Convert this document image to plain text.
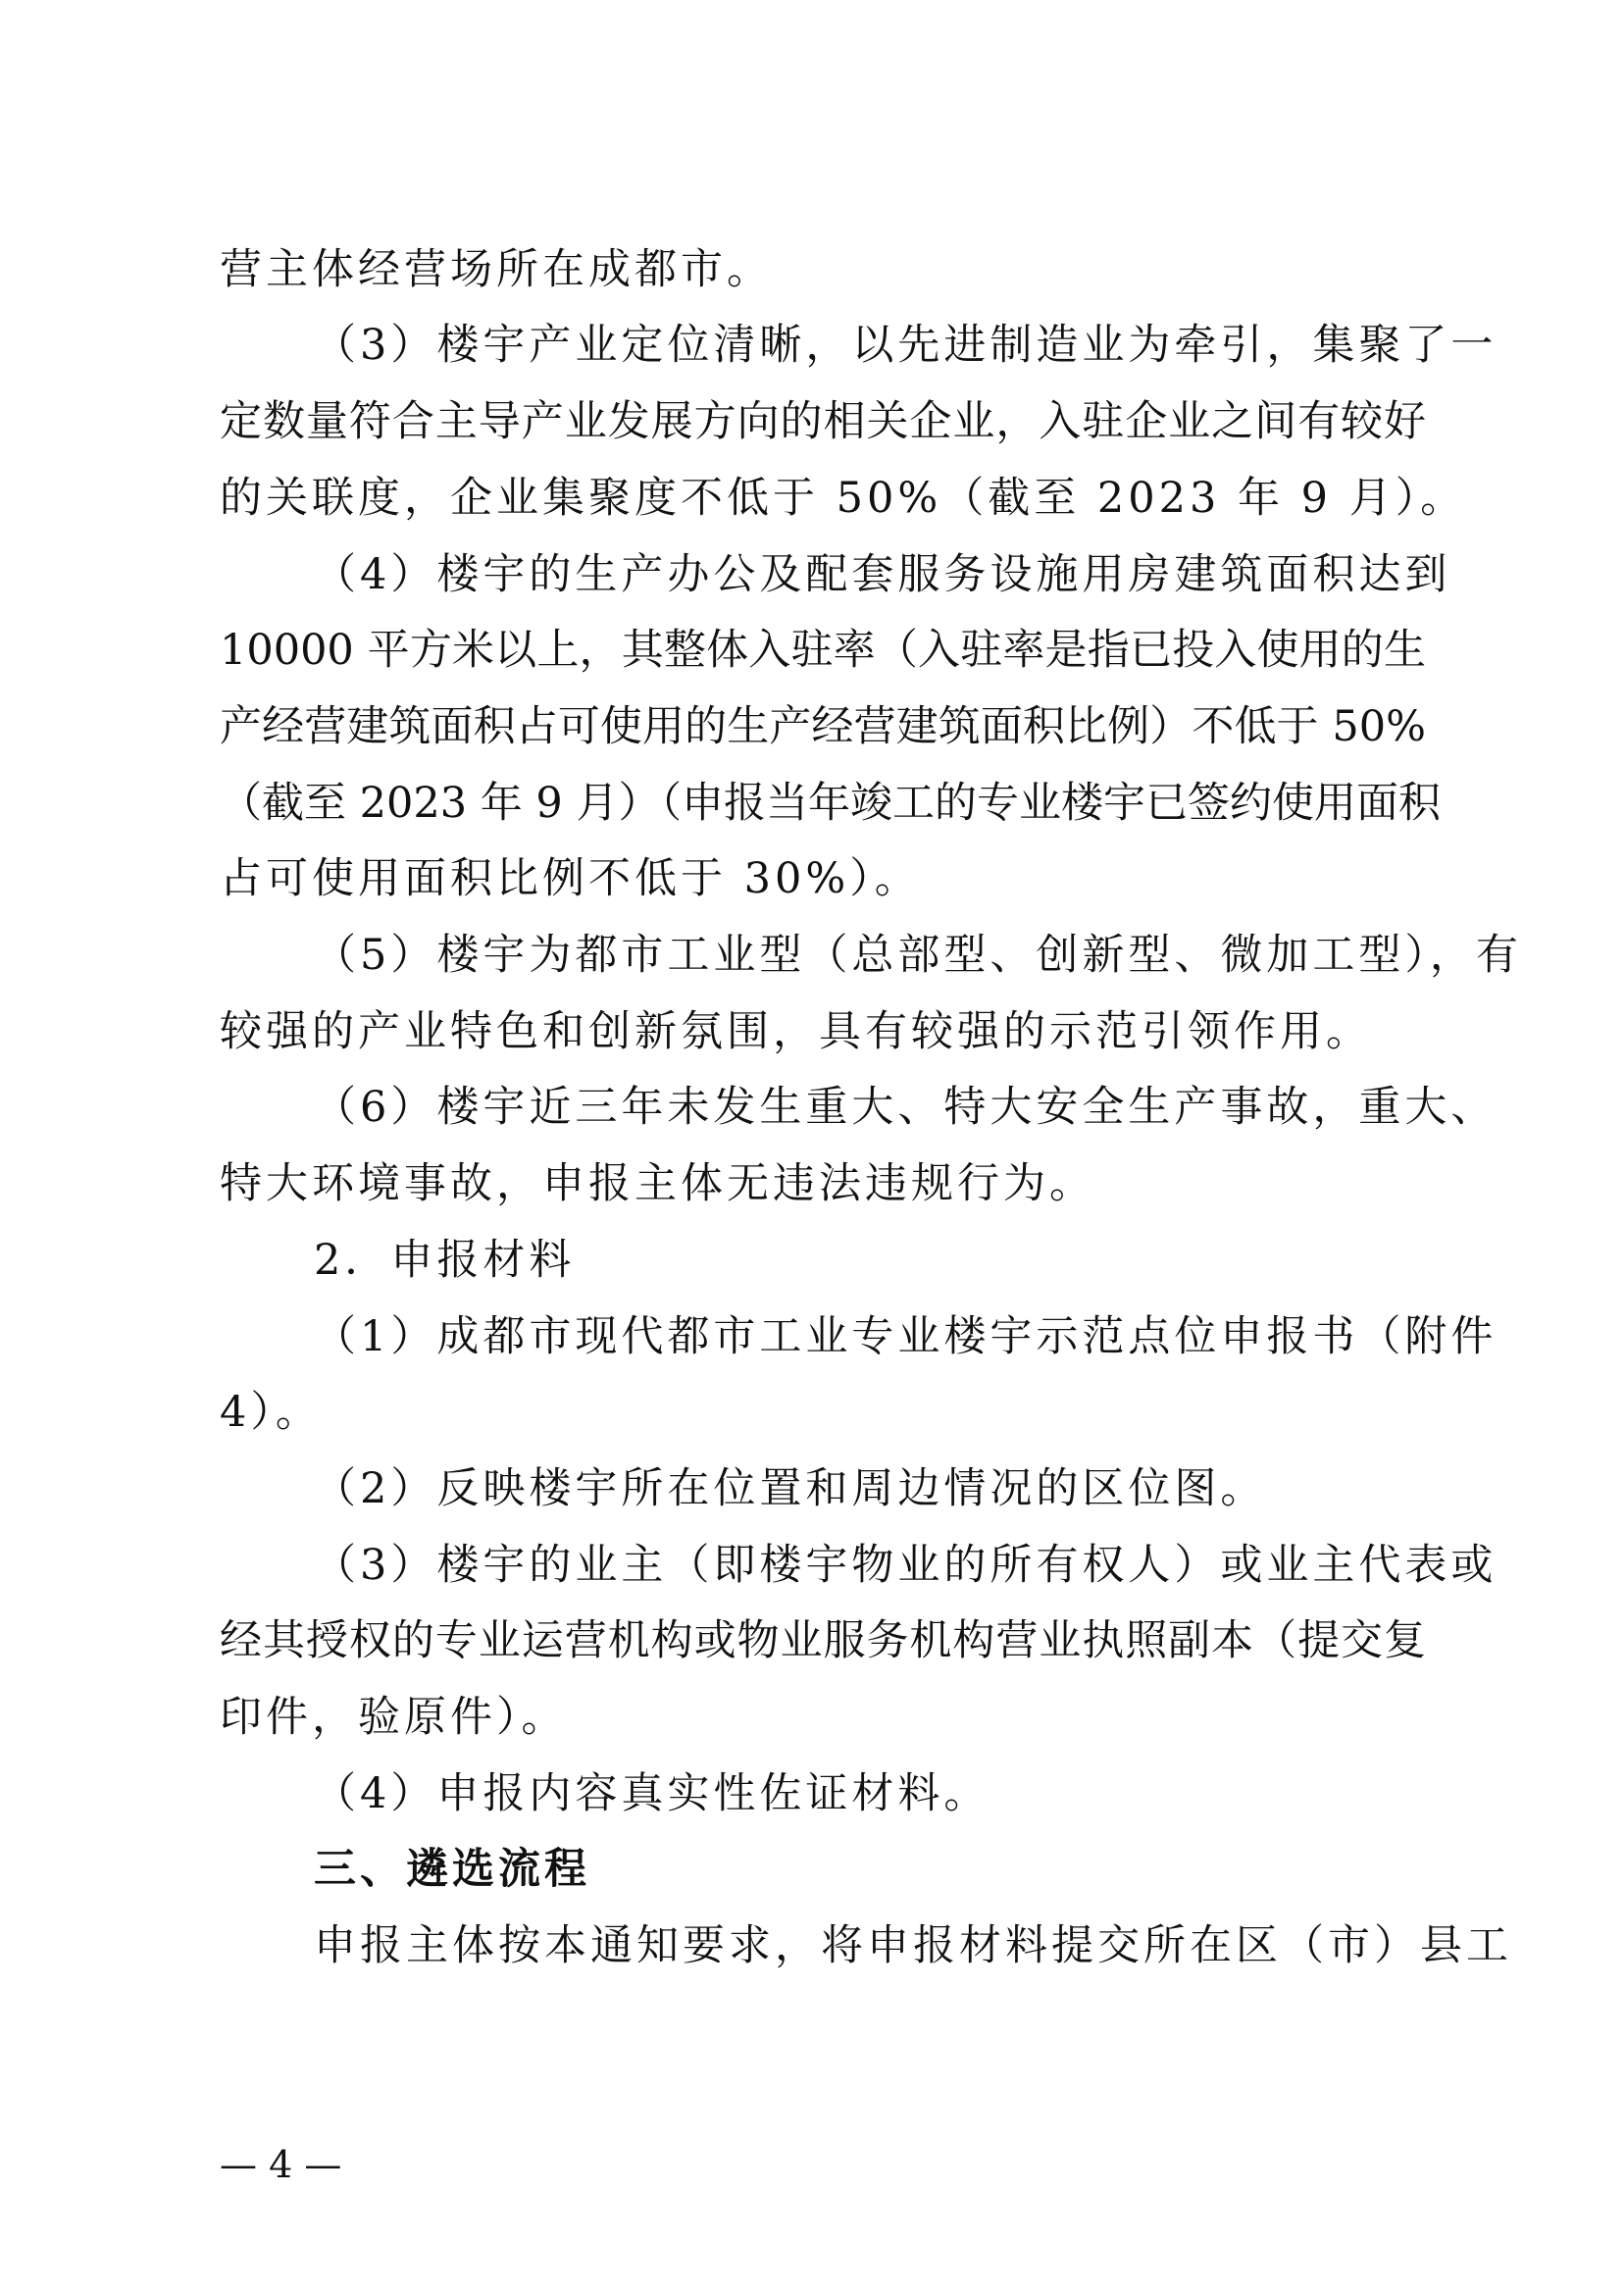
营主体经营场所在成都市。
（3）楼宇产业定位清晰，以先进制造业为牵引，集聚了一
定数量符合主导产业发展方向的相关企业，入驻企业之间有较好
的关联度，企业集聚度不低于 50%（截至 2023 年 9 月）。
（4）楼宇的生产办公及配套服务设施用房建筑面积达到
10000 平方米以上，其整体入驻率（入驻率是指已投入使用的生
产经营建筑面积占可使用的生产经营建筑面积比例）不低于 50%
（截至 2023 年 9 月）（申报当年竣工的专业楼宇已签约使用面积
占可使用面积比例不低于 30%）。
（5）楼宇为都市工业型（总部型、创新型、微加工型），有
较强的产业特色和创新氛围，具有较强的示范引领作用。
（6）楼宇近三年未发生重大、特大安全生产事故，重大、
特大环境事故，申报主体无违法违规行为。
2．申报材料
（1）成都市现代都市工业专业楼宇示范点位申报书（附件
4）。
（2）反映楼宇所在位置和周边情况的区位图。
（3）楼宇的业主（即楼宇物业的所有权人）或业主代表或
经其授权的专业运营机构或物业服务机构营业执照副本（提交复
印件，验原件）。
（4）申报内容真实性佐证材料。
三、遴选流程
申报主体按本通知要求，将申报材料提交所在区（市）县工
— 4 —
